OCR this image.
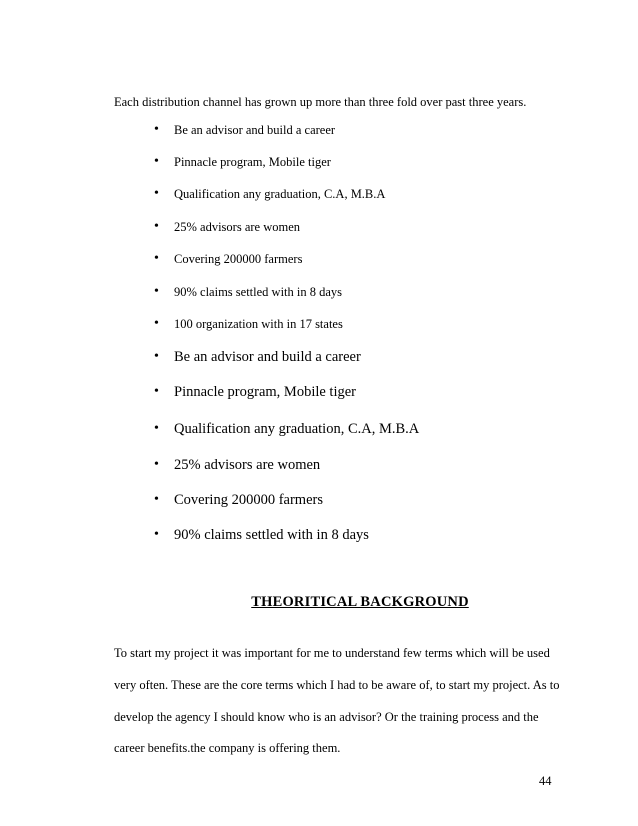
Each distribution channel has grown up more than three fold over past three years.

•	Be an advisor and build a career
•	Pinnacle program, Mobile tiger
•	Qualification any graduation, C.A, M.B.A
•	25% advisors are women
•	Covering 200000 farmers
•	90% claims settled with in 8 days
•	100 organization with in 17 states
•	Be an advisor and build a career
•	Pinnacle program, Mobile tiger
•	Qualification any graduation, C.A, M.B.A
•	25% advisors are women
•	Covering 200000 farmers
•	90% claims settled with in 8 days
THEORITICAL BACKGROUND

To start my project it was important for me to understand few terms which will be used

very often. These are the core terms which I had to be aware of, to start my project. As to

develop the agency I should know who is an advisor? Or the training process and the

career benefits.the company is offering them.

44
